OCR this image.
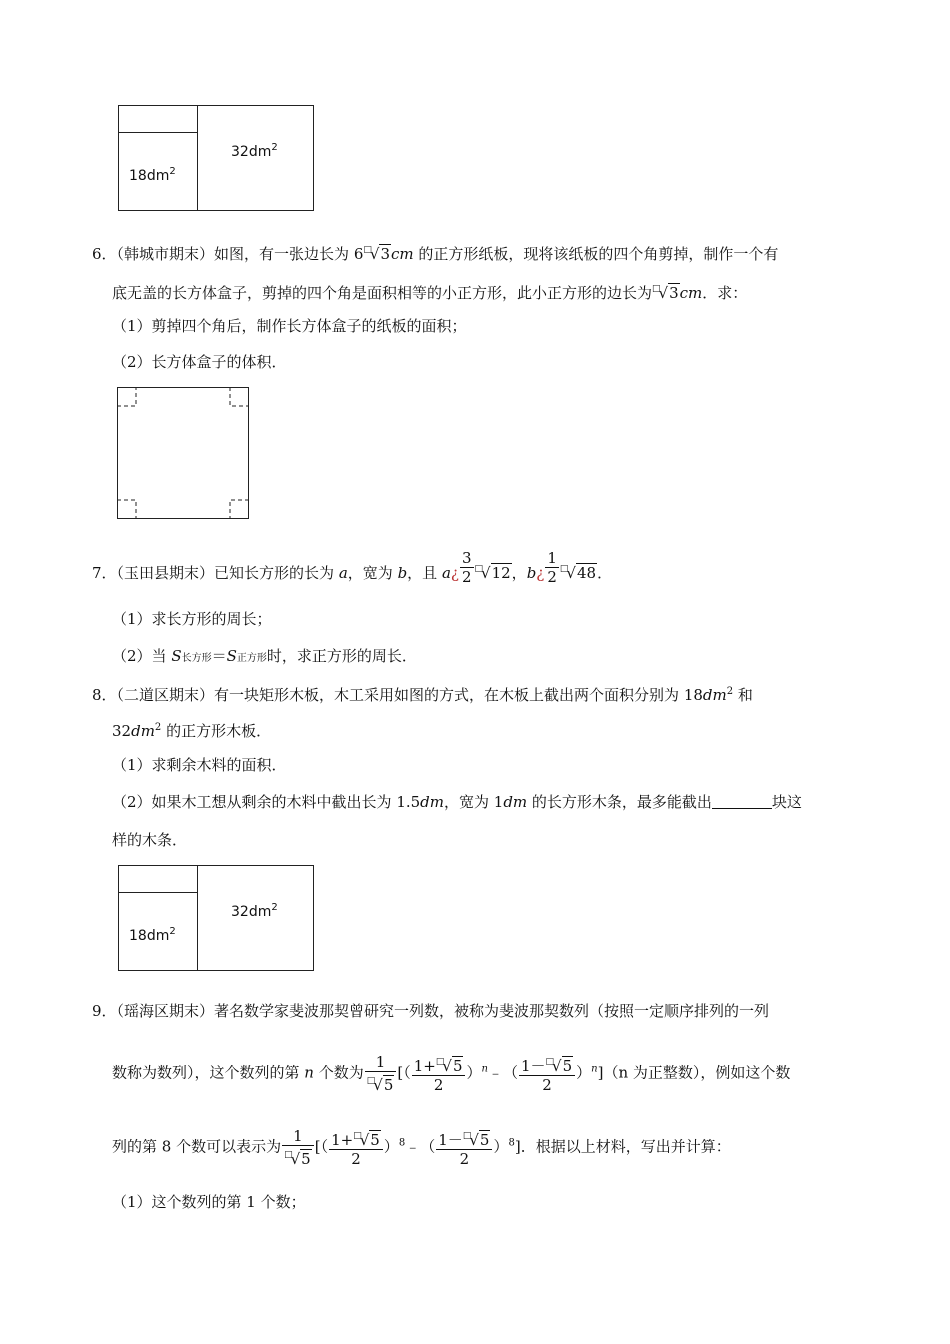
$32dm^2$
$18dm^2$
6．（韩城市期末）如图，有一张边长为 6□√3cm 的正方形纸板，现将该纸板的四个角剪掉，制作一个有
底无盖的长方体盒子，剪掉的四个角是面积相等的小正方形，此小正方形的边长为□√3cm．求：
（1）剪掉四个角后，制作长方体盒子的纸板的面积；
（2）长方体盒子的体积．
7．（玉田县期末）已知长方形的长为 a，宽为 b，且 a¿ $\frac{3}{2} ^□√12$，b¿ $\frac{1}{2} ^□√48$．
（1）求长方形的周长；
（2）当 S长方形＝S正方形时，求正方形的周长．
8．（二道区期末）有一块矩形木板，木工采用如图的方式，在木板上截出两个面积分别为 $18dm^2$ 和
$32dm^2$ 的正方形木板．
（1）求剩余木料的面积．
（2）如果木工想从剩余的木料中截出长为 1.5dm，宽为 1dm 的长方形木条，最多能截出	块这
样的木条．
$32dm^2$
$18dm^2$
9．（瑶海区期末）著名数学家斐波那契曾研究一列数，被称为斐波那契数列（按照一定顺序排列的一列
数称为数列），这个数列的第 n 个数为 $\frac{1}{^□√5}$ [（ $\frac{1+^□√5}{2}$ ）$^n$﹣（ $\frac{1-^□√5}{2} )^n](n$ 为正整数），例如这个数
列的第 8 个数可以表示为 $\frac{1}{^□√5}$ [（ $\frac{1+^□√5}{2}$ ）$^8$﹣（ $\frac{1-^□√5}{2} )^8$]．根据以上材料，写出并计算：
（1）这个数列的第 1 个数；
